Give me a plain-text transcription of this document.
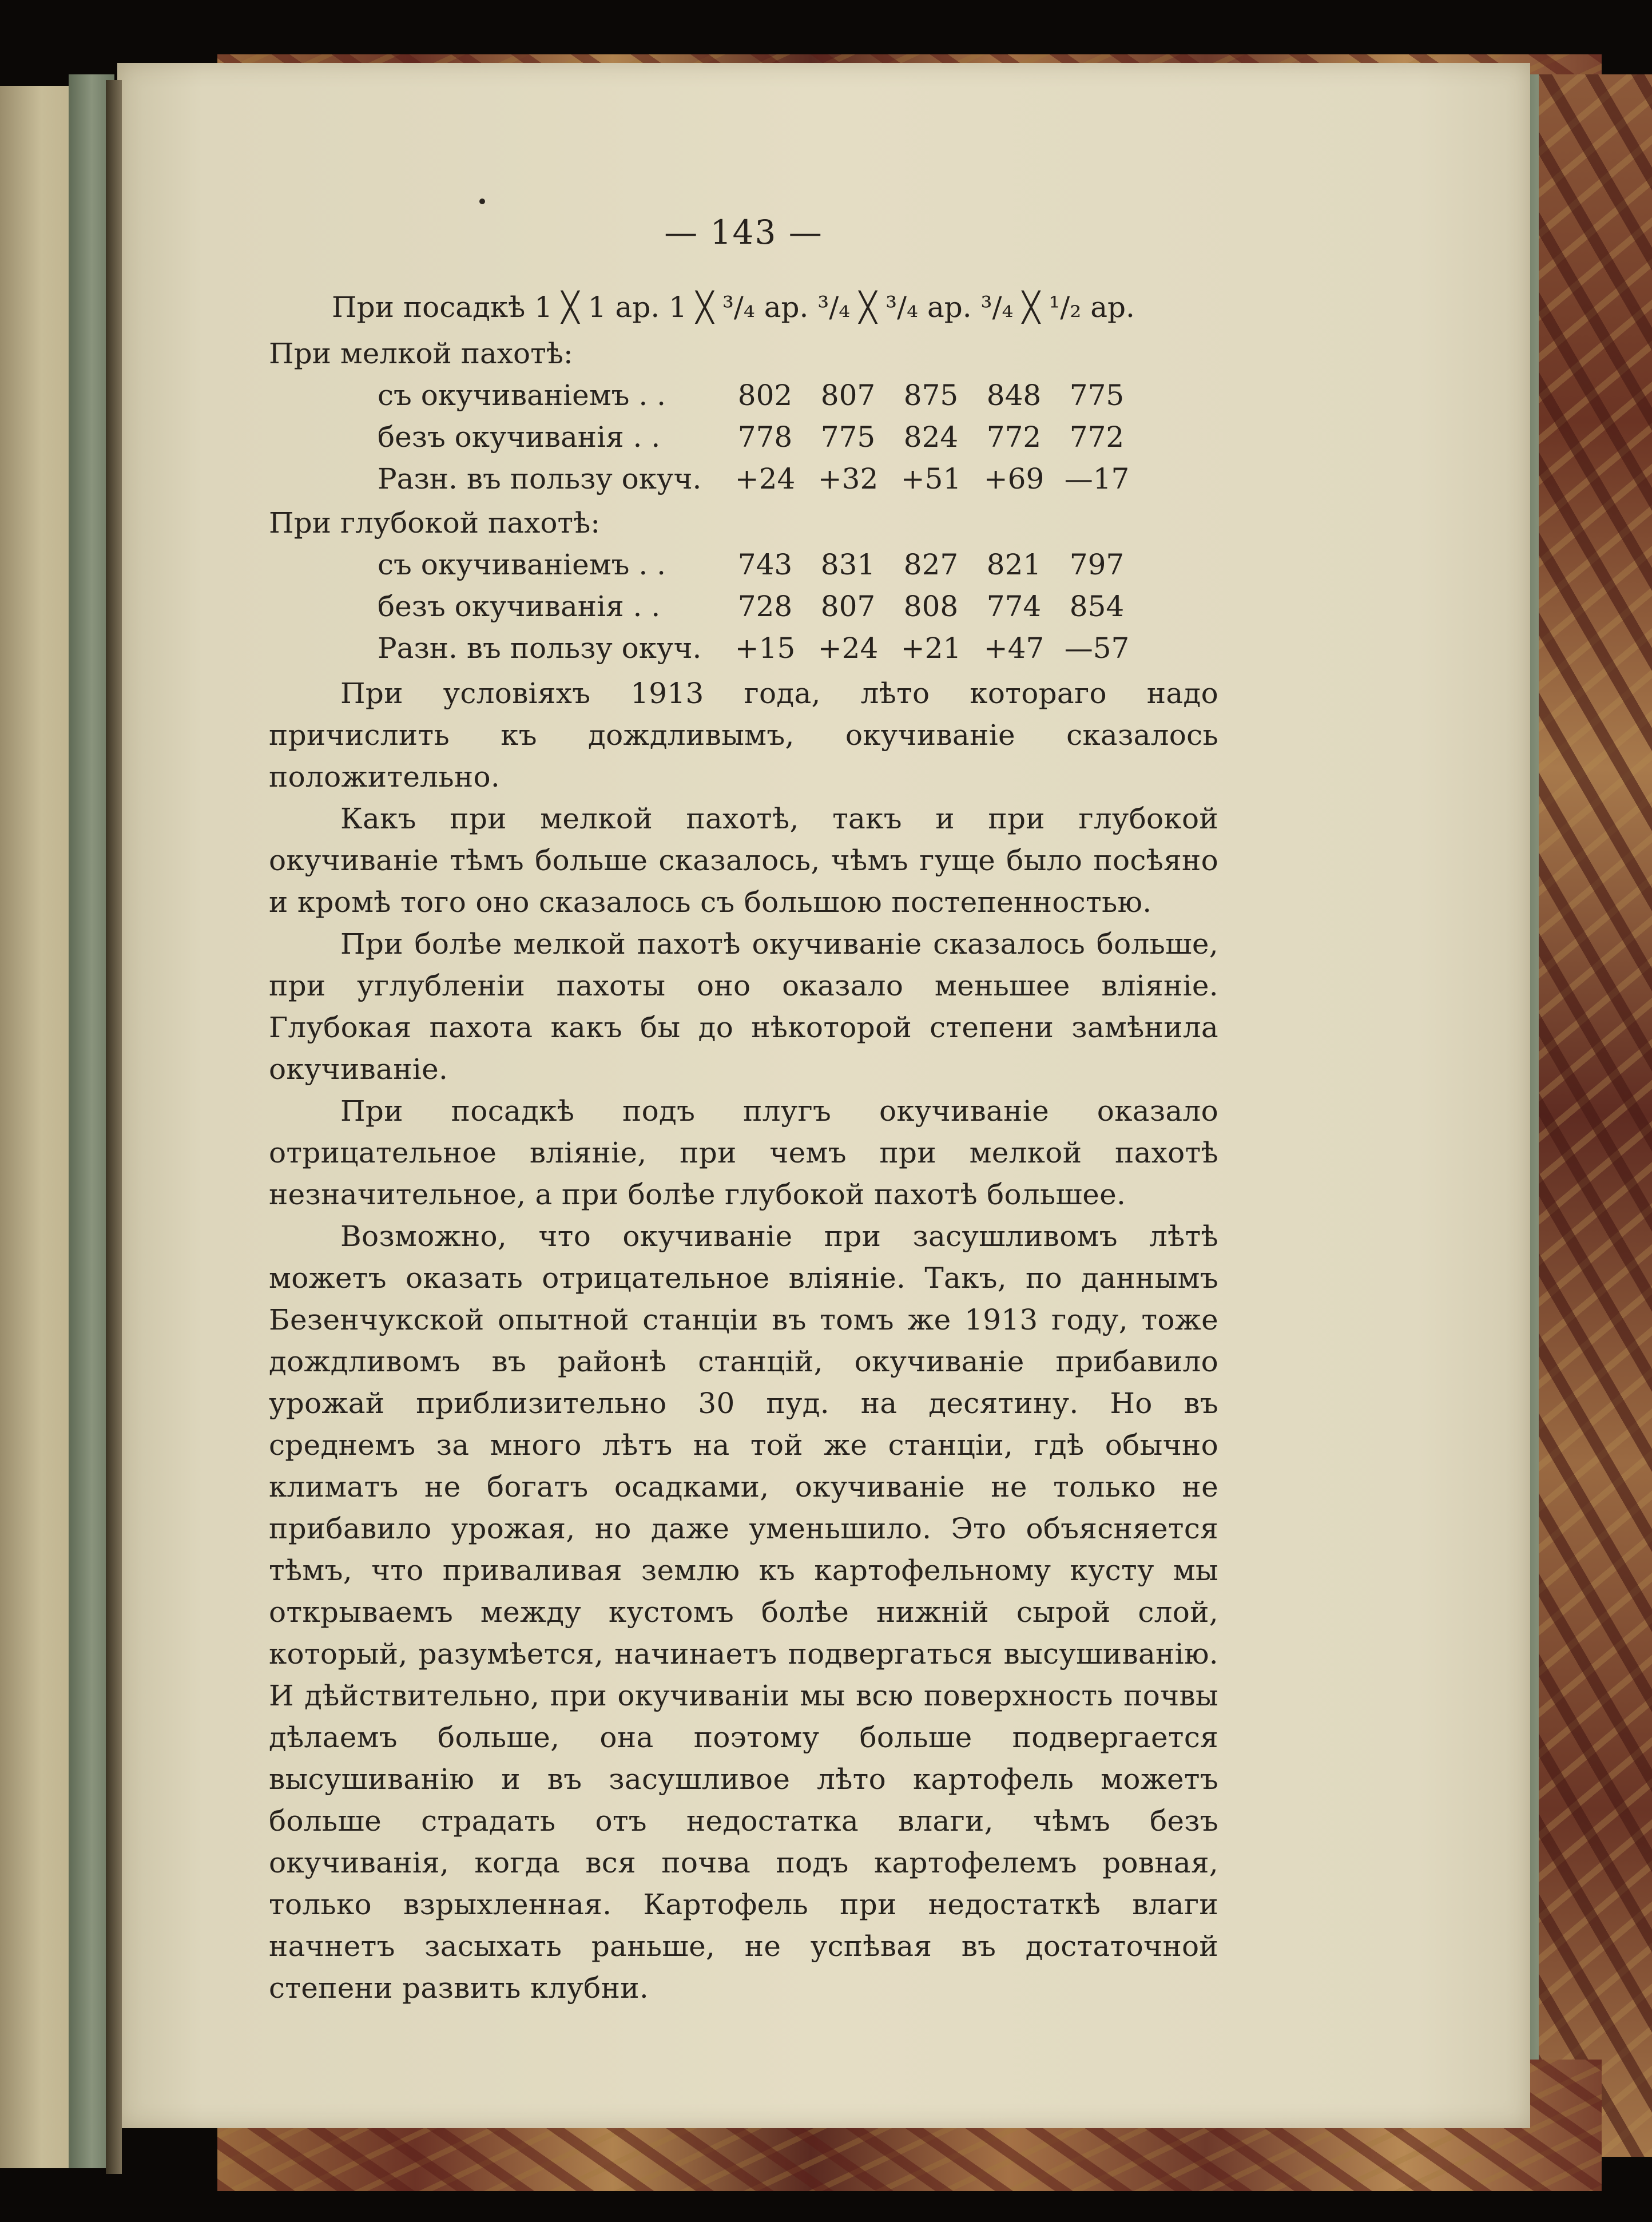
— 143 —
При посадкѣ 1 ╳ 1 ар. 1 ╳ ³/₄ ар. ³/₄ ╳ ³/₄ ар. ³/₄ ╳ ¹/₂ ар.
При мелкой пахотѣ:
съ окучиваніемъ . .	802 807 875 848 775
безъ окучиванія . .	778 775 824 772 772
Разн. въ пользу окуч.	+24 +32 +51 +69 —17
При глубокой пахотѣ:
съ окучиваніемъ . .	743 831 827 821 797
безъ окучиванія . .	728 807 808 774 854
Разн. въ пользу окуч.	+15 +24 +21 +47 —57

При условіяхъ 1913 года, лѣто котораго надо причислить къ дождливымъ, окучиваніе сказалось положительно.

Какъ при мелкой пахотѣ, такъ и при глубокой окучиваніе тѣмъ больше сказалось, чѣмъ гуще было посѣяно и кромѣ того оно сказалось съ большою постепенностью.

При болѣе мелкой пахотѣ окучиваніе сказалось больше, при углубленіи пахоты оно оказало меньшее вліяніе. Глубокая пахота какъ бы до нѣкоторой степени замѣнила окучиваніе.

При посадкѣ подъ плугъ окучиваніе оказало отрицательное вліяніе, при чемъ при мелкой пахотѣ незначительное, а при болѣе глубокой пахотѣ большее.

Возможно, что окучиваніе при засушливомъ лѣтѣ можетъ оказать отрицательное вліяніе. Такъ, по даннымъ Безенчукской опытной станціи въ томъ же 1913 году, тоже дождливомъ въ районѣ станцій, окучиваніе прибавило урожай приблизительно 30 пуд. на десятину. Но въ среднемъ за много лѣтъ на той же станціи, гдѣ обычно климатъ не богатъ осадками, окучиваніе не только не прибавило урожая, но даже уменьшило. Это объясняется тѣмъ, что приваливая землю къ картофельному кусту мы открываемъ между кустомъ болѣе нижній сырой слой, который, разумѣется, начинаетъ подвергаться высушиванію. И дѣйствительно, при окучиваніи мы всю поверхность почвы дѣлаемъ больше, она поэтому больше подвергается высушиванію и въ засушливое лѣто картофель можетъ больше страдать отъ недостатка влаги, чѣмъ безъ окучиванія, когда вся почва подъ картофелемъ ровная, только взрыхленная. Картофель при недостаткѣ влаги начнетъ засыхать раньше, не успѣвая въ достаточной степени развить клубни.
